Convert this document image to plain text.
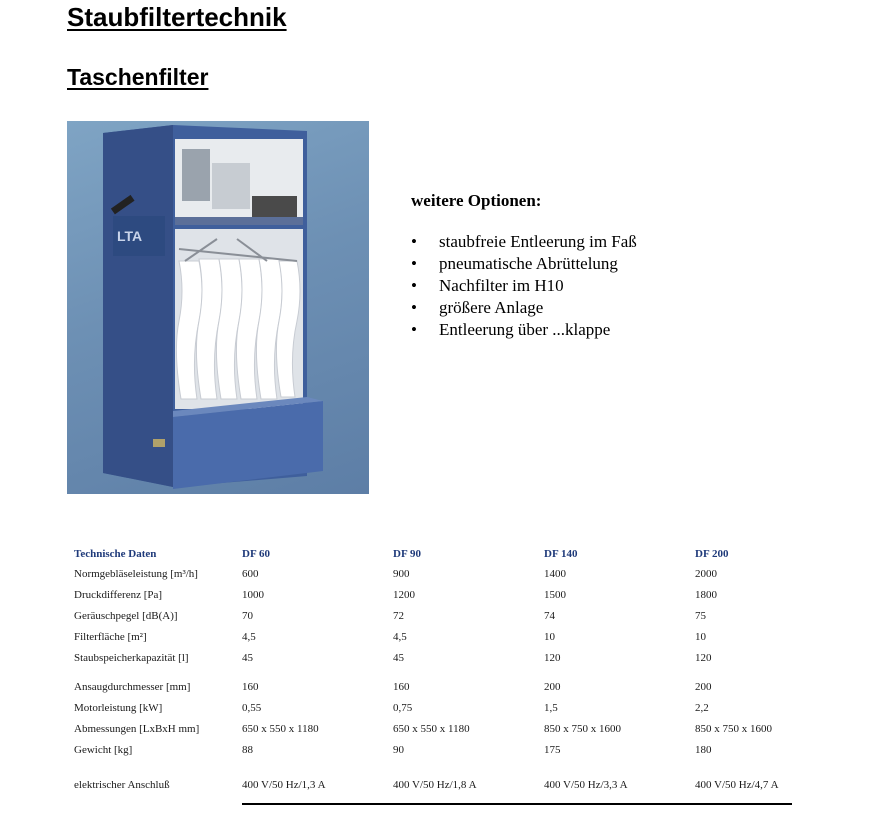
Staubfiltertechnik
Taschenfilter
LTA
weitere Optionen:
• staubfreie Entleerung im Faß
• pneumatische Abrüttelung
• Nachfilter im H10
• größere Anlage
• Entleerung über ...klappe
Technische Daten	DF 60	DF 90	DF 140	DF 200
Normgebläseleistung [m³/h]	600	900	1400	2000
Druckdifferenz [Pa]	1000	1200	1500	1800
Geräuschpegel [dB(A)]	70	72	74	75
Filterfläche [m²]	4,5	4,5	10	10
Staubspeicherkapazität [l]	45	45	120	120

Ansaugdurchmesser [mm]	160	160	200	200
Motorleistung [kW]	0,55	0,75	1,5	2,2
Abmessungen [LxBxH mm]	650 x 550 x 1180	650 x 550 x 1180	850 x 750 x 1600	850 x 750 x 1600
Gewicht [kg]	88	90	175	180

elektrischer Anschluß	400 V/50 Hz/1,3 A	400 V/50 Hz/1,8 A	400 V/50 Hz/3,3 A	400 V/50 Hz/4,7 A
